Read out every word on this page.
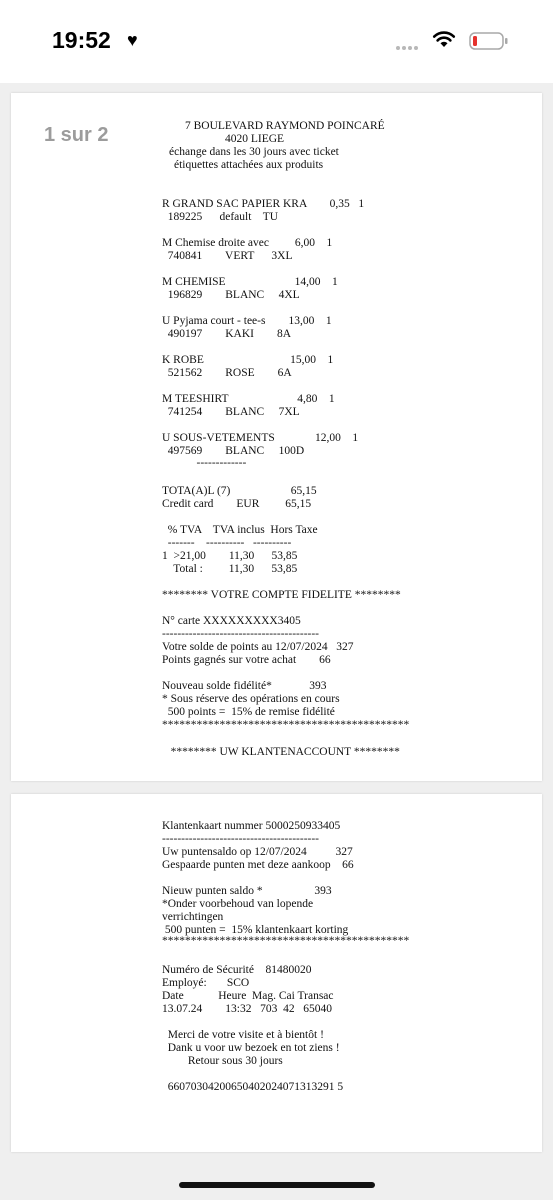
19:52 ♥
1 sur 2	7 BOULEVARD RAYMOND POINCARÉ
4020 LIEGE
échange dans les 30 jours avec ticket
étiquettes attachées aux produits
R GRAND SAC PAPIER KRA        0,35   1
189225      default    TU
M Chemise droite avec         6,00    1
740841        VERT      3XL
M CHEMISE                        14,00    1
196829        BLANC     4XL
U Pyjama court - tee-s        13,00    1
490197        KAKI        8A
K ROBE                              15,00    1
521562        ROSE        6A
M TEESHIRT                        4,80    1
741254        BLANC     7XL
U SOUS-VETEMENTS              12,00    1
497569        BLANC     100D
-------------
TOTA(A)L (7)                     65,15
Credit card        EUR         65,15
% TVA    TVA inclus  Hors Taxe
-------    ----------   ----------
1  >21,00        11,30      53,85
Total :         11,30      53,85
******** VOTRE COMPTE FIDELITE ********
N° carte XXXXXXXXX3405
-----------------------------------------
Votre solde de points au 12/07/2024   327
Points gagnés sur votre achat        66
Nouveau solde fidélité*             393
* Sous réserve des opérations en cours
500 points =  15% de remise fidélité
*******************************************
******** UW KLANTENACCOUNT ********
Klantenkaart nummer 5000250933405
-----------------------------------------
Uw puntensaldo op 12/07/2024          327
Gespaarde punten met deze aankoop    66
Nieuw punten saldo *                  393
*Onder voorbehoud van lopende
verrichtingen
500 punten =  15% klantenkaart korting
*******************************************
Numéro de Sécurité    81480020
Employé:       SCO
Date            Heure  Mag. Cai Transac
13.07.24        13:32   703  42   65040
Merci de votre visite et à bientôt !
Dank u voor uw bezoek en tot ziens !
Retour sous 30 jours
66070304200650402024071313291 5
